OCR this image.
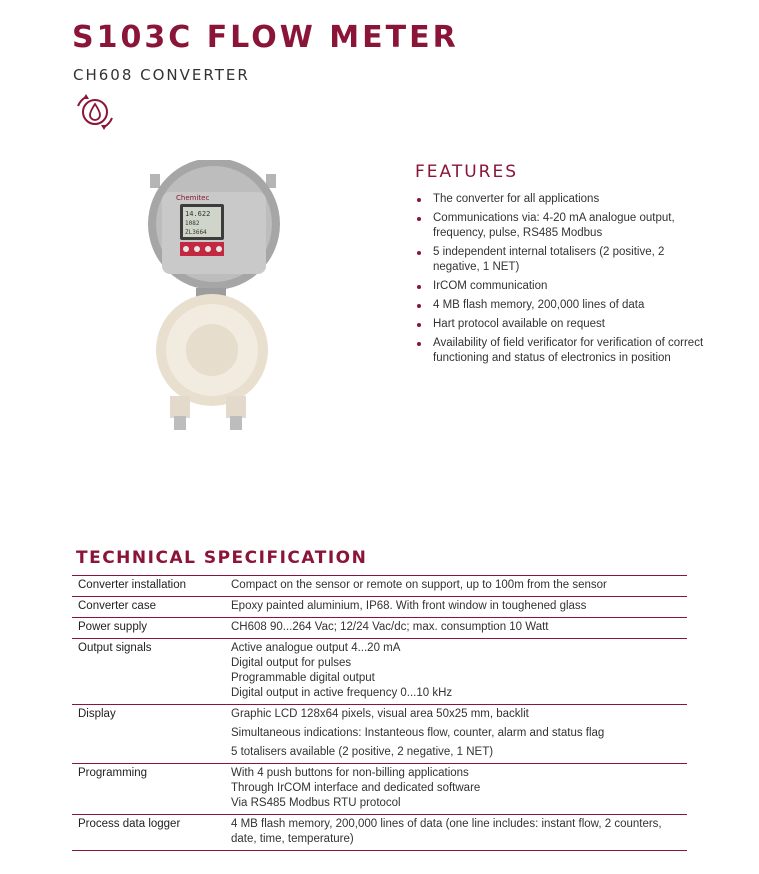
S103C FLOW METER
CH608 CONVERTER
Chemitec
14.622
1082
ZL3664
FEATURES
The converter for all applications
Communications via: 4-20 mA analogue output, frequency, pulse, RS485 Modbus
5 independent internal totalisers (2 positive, 2 negative, 1 NET)
IrCOM communication
4 MB flash memory, 200,000 lines of data
Hart protocol available on request
Availability of field verificator for verification of correct functioning and status of electronics in position
TECHNICAL SPECIFICATION
Converter installation	Compact on the sensor or remote on support, up to 100m from the sensor

Converter case	Epoxy painted aluminium, IP68. With front window in toughened glass

Power supply	CH608 90...264 Vac; 12/24 Vac/dc; max. consumption 10 Watt

Output signals	Active analogue output 4...20 mA
Digital output for pulses
Programmable digital output
Digital output in active frequency 0...10 kHz

Display	Graphic LCD 128x64 pixels, visual area 50x25 mm, backlit
Simultaneous indications: Instanteous flow, counter, alarm and status flag
5 totalisers available (2 positive, 2 negative, 1 NET)

Programming	With 4 push buttons for non-billing applications
Through IrCOM interface and dedicated software
Via RS485 Modbus RTU protocol

Process data logger	4 MB flash memory, 200,000 lines of data (one line includes: instant flow, 2 counters, date, time, temperature)
